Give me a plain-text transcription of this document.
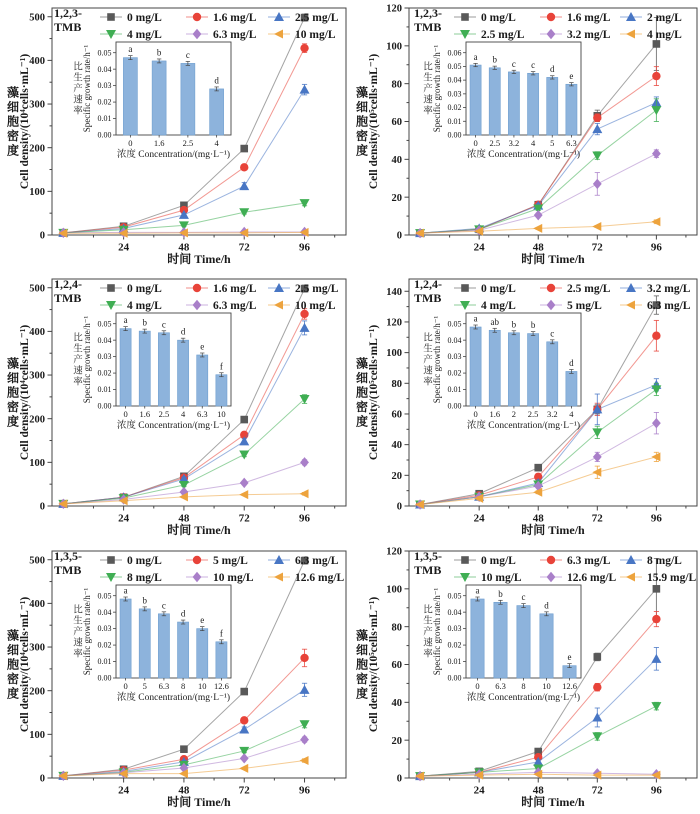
0
100
200
300
400
500
24	48	72	96
时间 Time/h
藻
细
胞
密
度 Cell density/(10⁴cells·mL⁻¹)
1,2,3-
TMB
0 mg/L	1.6 mg/L	2.5 mg/L
4 mg/L	6.3 mg/L	10 mg/L
0.00
0.01
0.02
0.03
0.04
0.05 a
0
b
1.6
c
2.5
d
4
浓度 Concentration/(mg·L⁻¹)
比
生
产
速
率 Specific growth rate/h⁻¹
0
20
40
60
80
100
120
24	48	72	96
时间 Time/h
藻
细
胞
密
度 Cell density/(10⁵cells·mL⁻¹)
1,2,3-
TMB
0 mg/L	1.6 mg/L	2 mg/L
2.5 mg/L	3.2 mg/L	4 mg/L
0.00
0.01
0.02
0.03
0.04
0.05
0.06 a
0
b
2.5
c
3.2
c
4
d
5
e
6.3
浓度 Concentration/(mg·L⁻¹)
比
生
产
速
率 Specific growth rate/h⁻¹
0
100
200
300
400
500
24	48	72	96
时间 Time/h
藻
细
胞
密
度 Cell density/(10⁴cells·mL⁻¹)
1,2,4-
TMB
0 mg/L	1.6 mg/L	2.5 mg/L
4 mg/L	6.3 mg/L	10 mg/L
0.00
0.01
0.02
0.03
0.04
0.05 a
0
b
1.6
c
2.5
d
4
e
6.3
f
10
浓度 Concentration/(mg·L⁻¹)
比
生
产
速
率 Specific growth rate/h⁻¹
0
20
40
60
80
100
120
140
24	48	72	96
时间 Time/h
藻
细
胞
密
度 Cell density/(10⁵cells·mL⁻¹)
1,2,4-
TMB
0 mg/L	2.5 mg/L	3.2 mg/L
4 mg/L	5 mg/L	6.3 mg/L
0.00
0.01
0.02
0.03
0.04
0.05
a
0
ab
1.6
b
2
b
2.5
c
3.2
d
4
浓度 Concentration/(mg·L⁻¹)
比
生
产
速
率 Specific growth rate/h⁻¹
0
100
200
300
400
500
24	48	72	96
时间 Time/h
藻
细
胞
密
度 Cell density/(10⁴cells·mL⁻¹)
1,3,5-
TMB
0 mg/L	5 mg/L	6.3 mg/L
8 mg/L	10 mg/L	12.6 mg/L
0.00
0.01
0.02
0.03
0.04
0.05
a
0
b
5
c
6.3
d
8
e
10
f
12.6
浓度 Concentration/(mg·L⁻¹)
比
生
产
速
率 Specific growth rate/h⁻¹
0
20
40
60
80
100
120
24	48	72	96
时间 Time/h
藻
细
胞
密
度 Cell density/(10⁵cells·mL⁻¹)
1,3,5-
TMB
0 mg/L	6.3 mg/L	8 mg/L
10 mg/L	12.6 mg/L	15.9 mg/L
0.00
0.01
0.02
0.03
0.04
0.05
a
0
b
6.3
c
8
d
10
e
12.6
浓度 Concentration/(mg·L⁻¹)
比
生
产
速
率 Specific growth rate/h⁻¹
